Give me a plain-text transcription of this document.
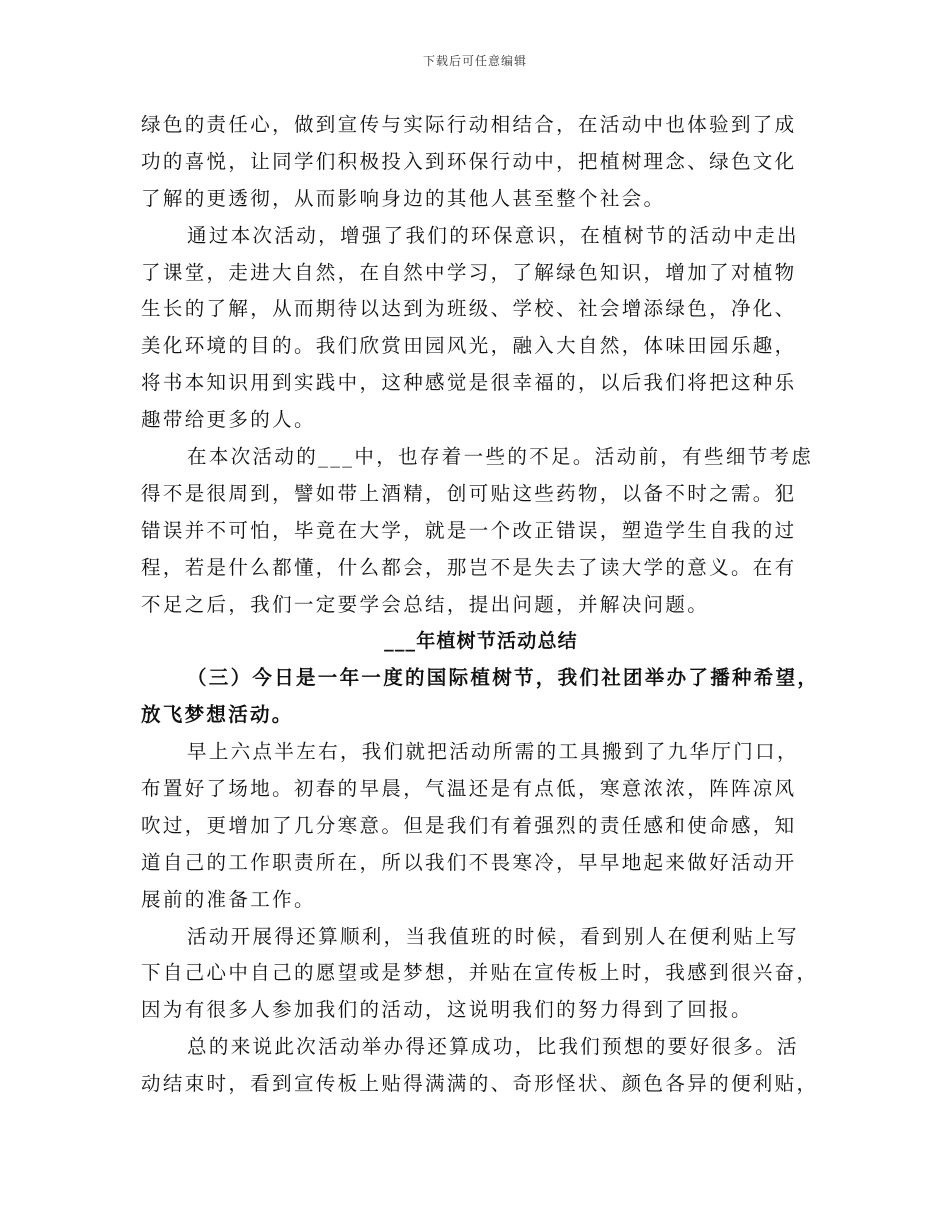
下载后可任意编辑
绿色的责任心，做到宣传与实际行动相结合，在活动中也体验到了成
功的喜悦，让同学们积极投入到环保行动中，把植树理念、绿色文化
了解的更透彻，从而影响身边的其他人甚至整个社会。
通过本次活动，增强了我们的环保意识，在植树节的活动中走出
了课堂，走进大自然，在自然中学习，了解绿色知识，增加了对植物
生长的了解，从而期待以达到为班级、学校、社会增添绿色，净化、
美化环境的目的。我们欣赏田园风光，融入大自然，体味田园乐趣，
将书本知识用到实践中，这种感觉是很幸福的，以后我们将把这种乐
趣带给更多的人。
在本次活动的___中，也存着一些的不足。活动前，有些细节考虑
得不是很周到，譬如带上酒精，创可贴这些药物，以备不时之需。犯
错误并不可怕，毕竟在大学，就是一个改正错误，塑造学生自我的过
程，若是什么都懂，什么都会，那岂不是失去了读大学的意义。在有
不足之后，我们一定要学会总结，提出问题，并解决问题。
___年植树节活动总结
（三）今日是一年一度的国际植树节，我们社团举办了播种希望，
放飞梦想活动。
早上六点半左右，我们就把活动所需的工具搬到了九华厅门口，
布置好了场地。初春的早晨，气温还是有点低，寒意浓浓，阵阵凉风
吹过，更增加了几分寒意。但是我们有着强烈的责任感和使命感，知
道自己的工作职责所在，所以我们不畏寒冷，早早地起来做好活动开
展前的准备工作。
活动开展得还算顺利，当我值班的时候，看到别人在便利贴上写
下自己心中自己的愿望或是梦想，并贴在宣传板上时，我感到很兴奋，
因为有很多人参加我们的活动，这说明我们的努力得到了回报。
总的来说此次活动举办得还算成功，比我们预想的要好很多。活
动结束时，看到宣传板上贴得满满的、奇形怪状、颜色各异的便利贴，
